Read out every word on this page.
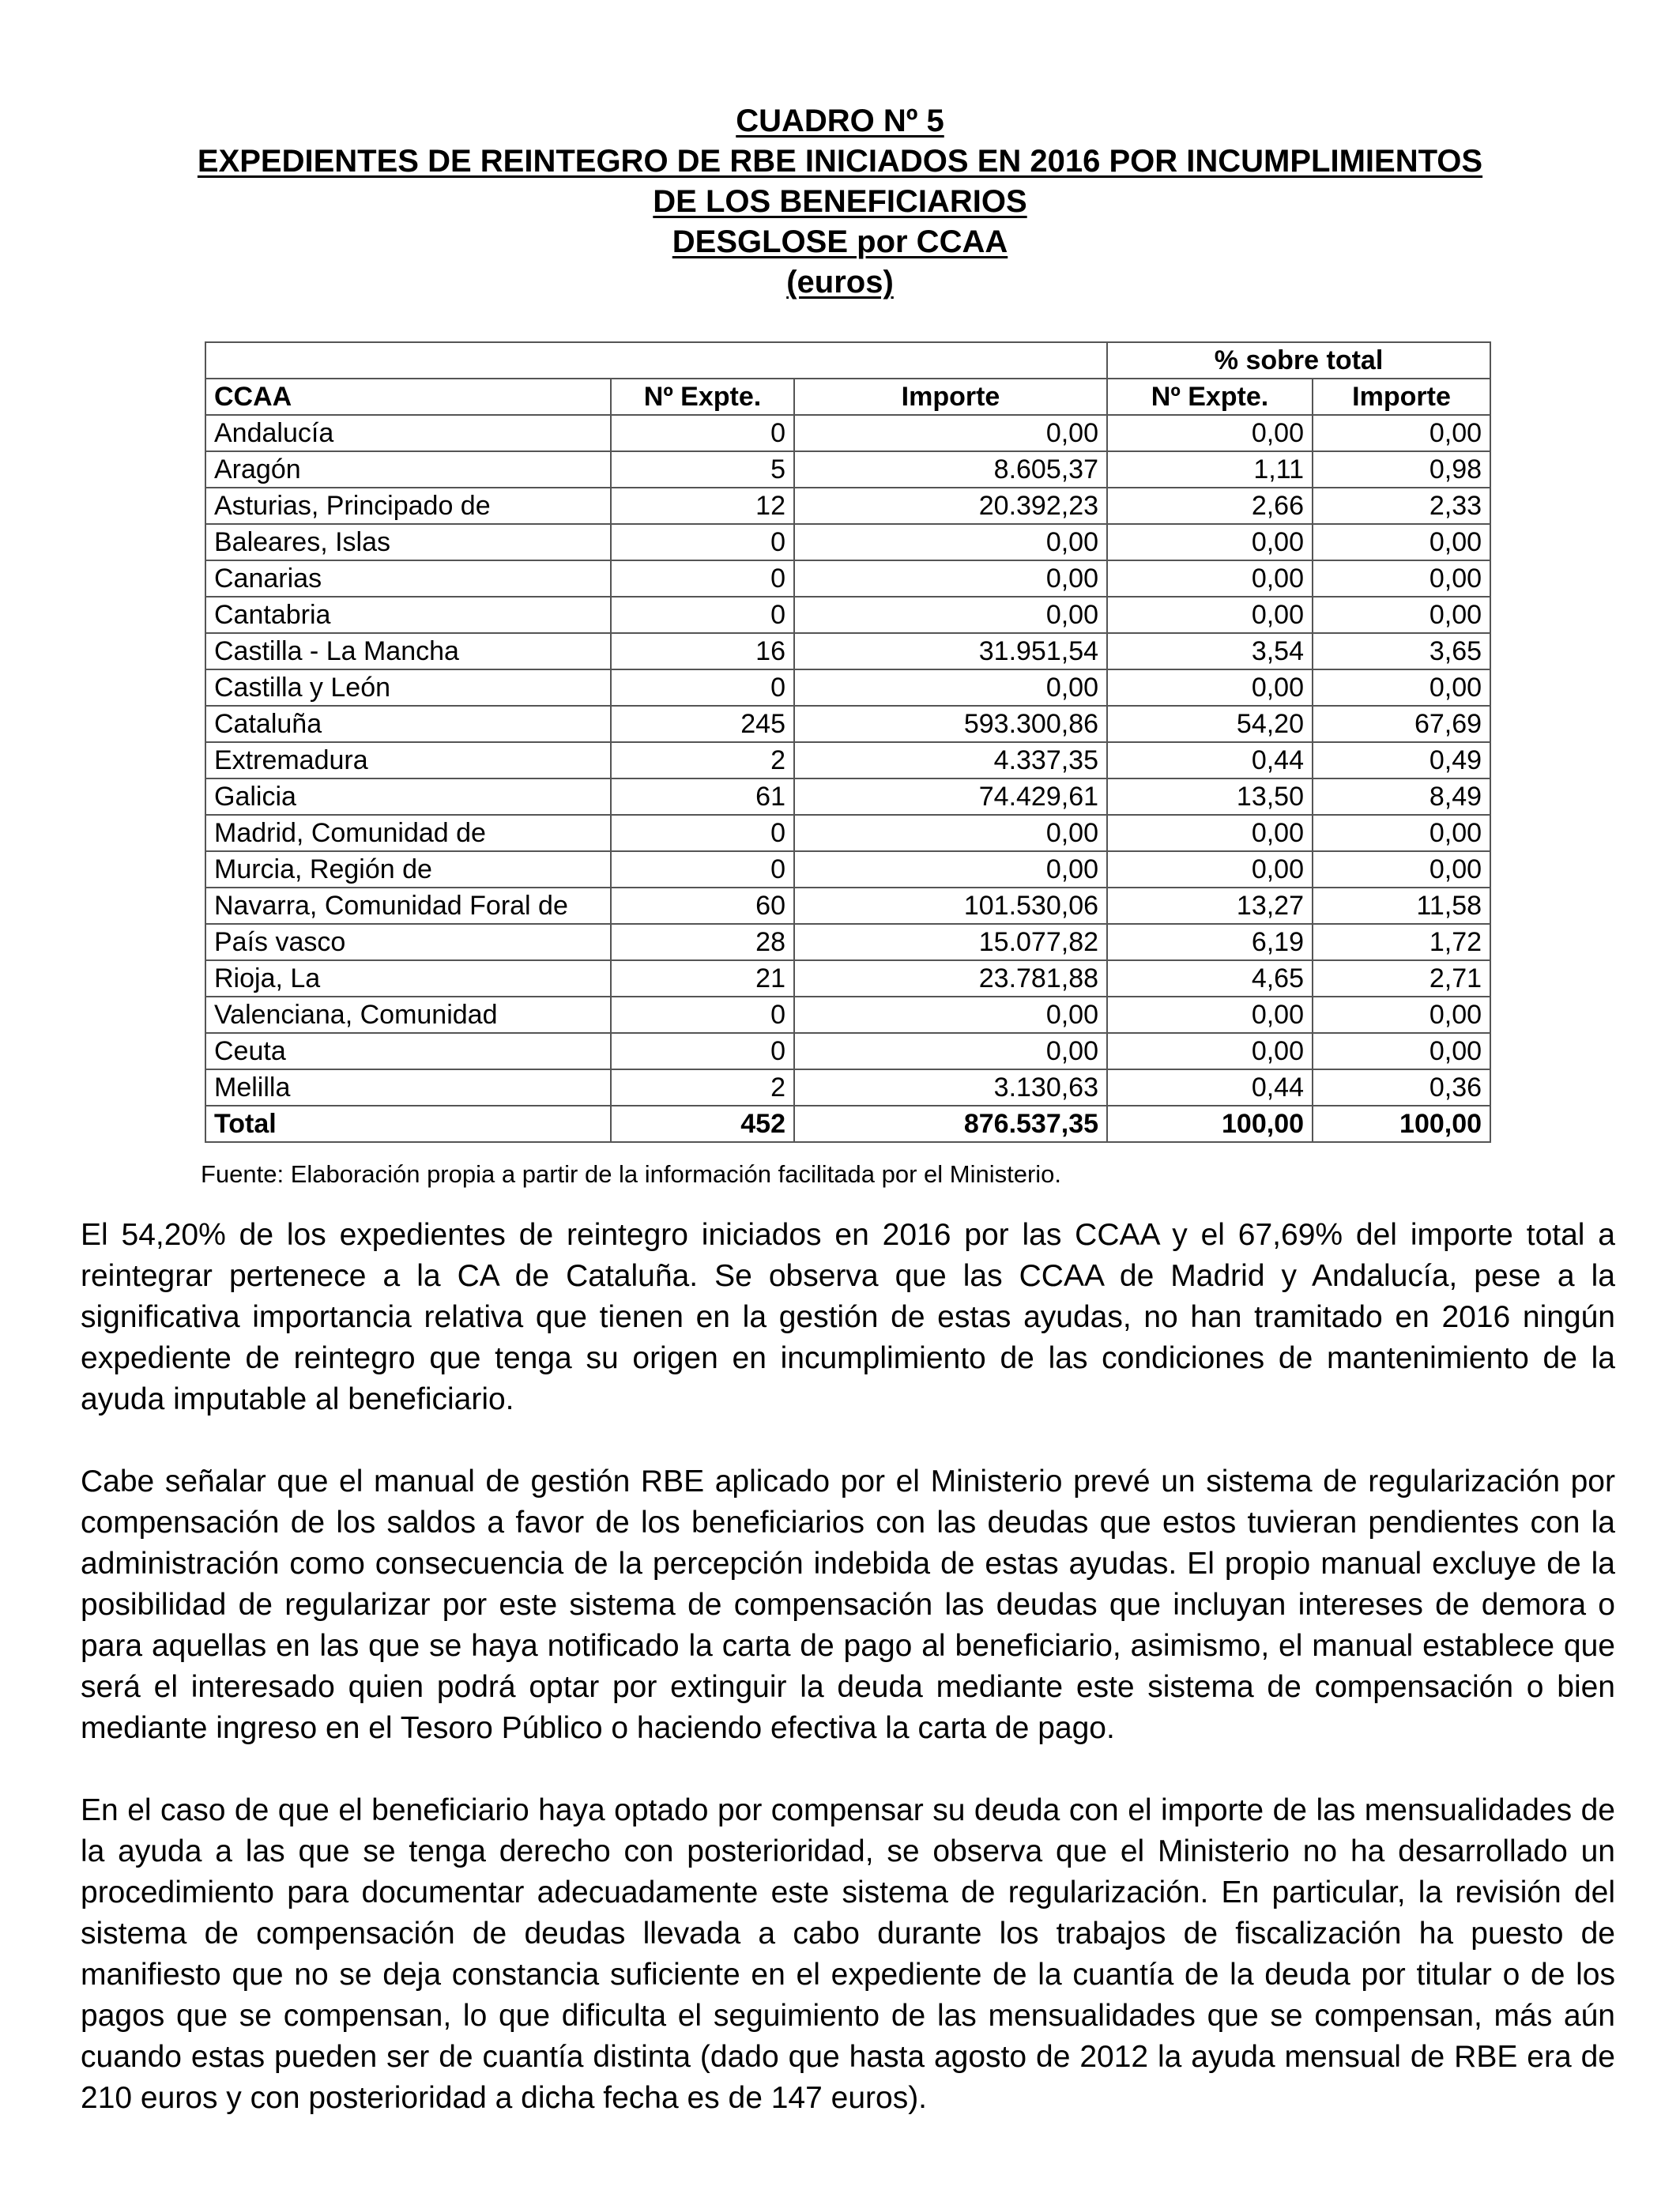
CUADRO Nº 5
EXPEDIENTES DE REINTEGRO DE RBE INICIADOS EN 2016 POR INCUMPLIMIENTOS
DE LOS BENEFICIARIOS
DESGLOSE por CCAA
(euros)
			% sobre total	
CCAA	Nº Expte.	Importe	Nº Expte.	Importe
Andalucía	0	0,00	0,00	0,00
Aragón	5	8.605,37	1,11	0,98
Asturias, Principado de	12	20.392,23	2,66	2,33
Baleares, Islas	0	0,00	0,00	0,00
Canarias	0	0,00	0,00	0,00
Cantabria	0	0,00	0,00	0,00
Castilla - La Mancha	16	31.951,54	3,54	3,65
Castilla y León	0	0,00	0,00	0,00
Cataluña	245	593.300,86	54,20	67,69
Extremadura	2	4.337,35	0,44	0,49
Galicia	61	74.429,61	13,50	8,49
Madrid, Comunidad de	0	0,00	0,00	0,00
Murcia, Región de	0	0,00	0,00	0,00
Navarra, Comunidad Foral de	60	101.530,06	13,27	11,58
País vasco	28	15.077,82	6,19	1,72
Rioja, La	21	23.781,88	4,65	2,71
Valenciana, Comunidad	0	0,00	0,00	0,00
Ceuta	0	0,00	0,00	0,00
Melilla	2	3.130,63	0,44	0,36
Total	452	876.537,35	100,00	100,00
Fuente: Elaboración propia a partir de la información facilitada por el Ministerio.

El 54,20% de los expedientes de reintegro iniciados en 2016 por las CCAA y el 67,69% del importe total a reintegrar pertenece a la CA de Cataluña. Se observa que las CCAA de Madrid y Andalucía, pese a la significativa importancia relativa que tienen en la gestión de estas ayudas, no han tramitado en 2016 ningún expediente de reintegro que tenga su origen en incumplimiento de las condiciones de mantenimiento de la ayuda imputable al beneficiario.

Cabe señalar que el manual de gestión RBE aplicado por el Ministerio prevé un sistema de regularización por compensación de los saldos a favor de los beneficiarios con las deudas que estos tuvieran pendientes con la administración como consecuencia de la percepción indebida de estas ayudas. El propio manual excluye de la posibilidad de regularizar por este sistema de compensación las deudas que incluyan intereses de demora o para aquellas en las que se haya notificado la carta de pago al beneficiario, asimismo, el manual establece que será el interesado quien podrá optar por extinguir la deuda mediante este sistema de compensación o bien mediante ingreso en el Tesoro Público o haciendo efectiva la carta de pago.

En el caso de que el beneficiario haya optado por compensar su deuda con el importe de las mensualidades de la ayuda a las que se tenga derecho con posterioridad, se observa que el Ministerio no ha desarrollado un procedimiento para documentar adecuadamente este sistema de regularización. En particular, la revisión del sistema de compensación de deudas llevada a cabo durante los trabajos de fiscalización ha puesto de manifiesto que no se deja constancia suficiente en el expediente de la cuantía de la deuda por titular o de los pagos que se compensan, lo que dificulta el seguimiento de las mensualidades que se compensan, más aún cuando estas pueden ser de cuantía distinta (dado que hasta agosto de 2012 la ayuda mensual de RBE era de 210 euros y con posterioridad a dicha fecha es de 147 euros).
